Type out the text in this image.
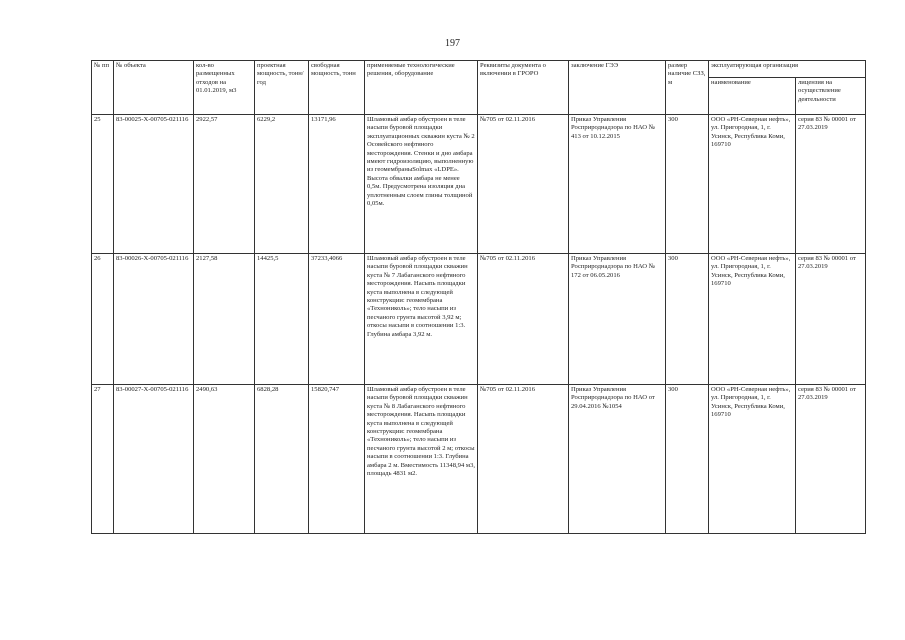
197
№ пп	№ объекта	кол-во размещенных отходов на 01.01.2019, м3	проектная мощность, тонн/год	свободная мощность, тонн	применяемые технологические решения, оборудование	Реквизиты документа о включении в ГРОРО	заключение ГЭЭ	размер наличие СЗЗ, м	эксплуатирующая организация	
									наименование	лицензия на осуществление деятельности
25	83-00025-Х-00705-021116	2922,57	6229,2	13171,96	Шламовый амбар обустроен в теле насыпи буровой площадки эксплуатационных скважин куста № 2 Осовейского нефтяного месторождения. Стенки и дно амбара имеют гидроизоляцию, выполненную из геомембраныSolmax «LDPE». Высота обвалки амбара не менее 0,5м. Предусмотрена изоляция дна уплотненным слоем глины толщиной 0,05м.	№705 от 02.11.2016	Приказ Управления Росприроднадзора по НАО № 413 от 10.12.2015	300	ООО «РН-Северная нефть», ул. Пригородная, 1, г. Усинск, Республика Коми, 169710	серия 83 № 00001 от 27.03.2019
26	83-00026-Х-00705-021116	2127,58	14425,5	37233,4066	Шламовый амбар обустроен в теле насыпи буровой площадки скважин куста № 7 Лабаганского нефтяного месторождения. Насыпь площадки куста выполнена в следующей конструкции: геомембрана «Технониколь»; тело насыпи из песчаного грунта высотой 3,92 м; откосы насыпи в соотношении 1:3. Глубина амбара 3,92 м.	№705 от 02.11.2016	Приказ Управления Росприроднадзора по НАО № 172 от 06.05.2016	300	ООО «РН-Северная нефть», ул. Пригородная, 1, г. Усинск, Республика Коми, 169710	серия 83 № 00001 от 27.03.2019
27	83-00027-Х-00705-021116	2490,63	6828,28	15820,747	Шламовый амбар обустроен в теле насыпи буровой площадки скважин куста № 8 Лабаганского нефтяного месторождения. Насыпь площадки куста выполнена в следующей конструкции: геомембрана «Технониколь»; тело насыпи из песчаного грунта высотой 2 м; откосы насыпи в соотношении 1:3. Глубина амбара 2 м. Вместимость 11348,94 м3, площадь 4831 м2.	№705 от 02.11.2016	Приказ Управления Росприроднадзора по НАО от 29.04.2016 №1054	300	ООО «РН-Северная нефть», ул. Пригородная, 1, г. Усинск, Республика Коми, 169710	серия 83 № 00001 от 27.03.2019
